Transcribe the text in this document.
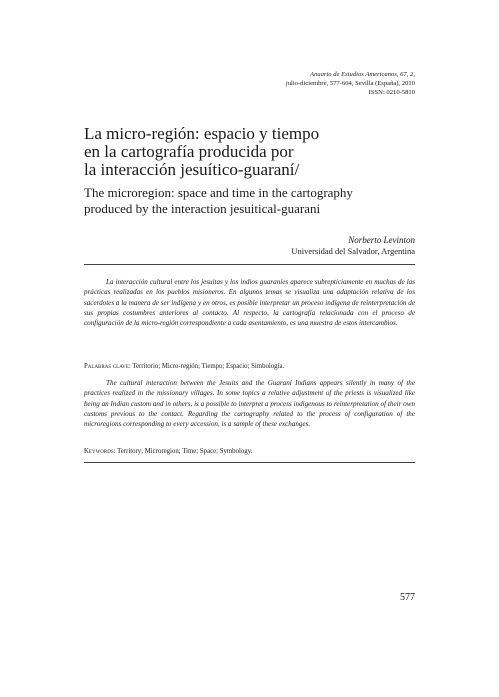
Anuario de Estudios Americanos, 67, 2,
julio-diciembre, 577-604, Sevilla (España), 2010
ISSN: 0210-5810
La micro-región: espacio y tiempo
en la cartografía producida por
la interacción jesuítico-guaraní/
The microregion: space and time in the cartography
produced by the interaction jesuitical-guarani
Norberto Levinton
Universidad del Salvador, Argentina

La interacción cultural entre los jesuitas y los indios guaraníes aparece subrepticiamente en muchas de las prácticas realizadas en los pueblos misioneros. En algunos temas se visualiza una adaptación relativa de los sacerdotes a la manera de ser indígena y en otros, es posible interpretar un proceso indígena de reinterpretación de sus propias costumbres anteriores al contacto. Al respecto, la cartografía relacionada con el proceso de configuración de la micro-región correspondiente a cada asentamiento, es una muestra de estos intercambios.

Palabras clave: Territorio; Micro-región; Tiempo; Espacio; Simbología.

The cultural interaction between the Jesuits and the Guaraní Indians appears silently in many of the practices realized in the missionary villages. In some topics a relative adjustment of the priests is visualized like being an Indian custom and in others, is a possible to interpret a process indigenous to reinterpretation of their own customs previous to the contact. Regarding the cartography related to the process of configuration of the microregions corresponding to every accession, is a sample of these exchanges.

Keywords: Territory; Microregion; Time; Space; Symbology.
577
